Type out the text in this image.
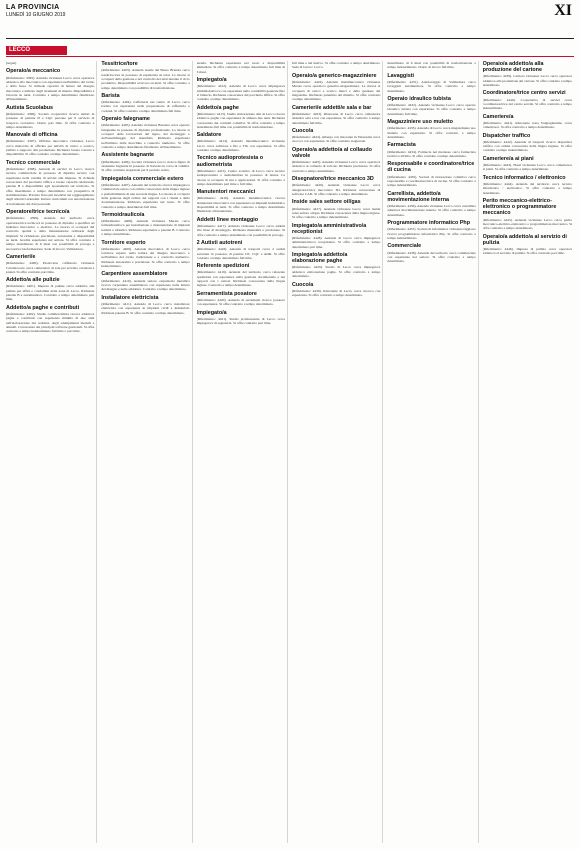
LA PROVINCIA
LUNEDÌ 10 GIUGNO 2019	XI
LECCO

(segue)

Operaio/a meccanico

(Riferimento: 4395). Azienda vicinanze Lecco cerca operaio/a addetto/a alla meccanica con esperienza nell'utilizzo del tornio e della fresa. Si richiede capacità di lettura del disegno meccanico e utilizzo degli strumenti di misura. Disponibilità a lavorare su turni. Contratto a tempo determinato finalizzato all'inserimento.

Autista Scuolabus

(Riferimento: 4396). Società cooperativa ricerca autisti in possesso di patente D e CQC persone per il servizio di trasporto scolastico. Orario part time. Si offre contratto a tempo determinato.

Manovale di officina

(Riferimento: 4397). Officina meccanica vicinanze Lecco cerca manovale di officina per attività di carico e scarico, pulizia e supporto alla produzione. Richiesta buona volontà e disponibilità. Si offre contratto a tempo determinato.

Tecnico commerciale

(Riferimento: 4398). Azienda di servizi in Lecco ricerca tecnico commerciale in possesso di diploma tecnico con esperienza nella vendita di servizi alle imprese. Si richiede conoscenza del pacchetto Office e buone capacità relazionali, patente B e disponibilità agli spostamenti sul territorio. Si offre inserimento a tempo determinato con prospettiva di stabilizzazione. Previsto fisso più incentivi sul raggiungimento degli obiettivi aziendali. Inviare curriculum con autorizzazione al trattamento dei dati personali.

Operatore/trice tecnico/a

(Riferimento: 4399). Azienda del territorio cerca operatore/trice tecnico/a in possesso di diploma o qualifica ad indirizzo meccanico o elettrico. La risorsa si occuperà del controllo qualità e della manutenzione ordinaria degli impianti. Si richiedono precisione, autonomia e disponibilità su turni. Gradita esperienza nel settore. Si offre contratto a tempo determinato di 6 mesi con possibilità di proroga e successiva trasformazione. Sede di lavoro: Valmadrera.

Camerieri/e

(Riferimento: 4400). Pasticceria caffetteria vicinanze Calolziocorte cerca camerieri/e di sala per servizio colazioni e pranzi. Si offre contratto part time.

Addetto/a alle pulizie

(Riferimento: 4401). Impresa di pulizie cerca addetti/e alle pulizie per uffici e condomini della zona di Lecco. Richiesta patente B e automunito/a. Contratto a tempo determinato part time.

Addetto/a paghe e contributi

(Riferimento: 4402). Studio commercialista ricerca addetto/a paghe e contributi con esperienza minima di due anni nell'elaborazione dei cedolini, degli adempimenti mensili e annuali. Conoscenza dei principali software gestionali. Si offre contratto a tempo indeterminato full time o part time.

Tessitrice/tore

(Riferimento: 4403). Azienda tessile del Basso Brianza cerca tessitrice/tore in possesso di esperienza su telai. La risorsa si occuperà della gestione e del controllo dei telai durante il ciclo produttivo. Disponibilità al lavoro su turni. Si offre contratto a tempo determinato con possibilità di trasformazione.

Barista

(Riferimento: 4404). Caffetteria nel centro di Lecco cerca barista con esperienza nella preparazione di caffetteria e cocktail. Si offre contratto a tempo determinato full time.

Operaio falegname

(Riferimento: 4405). Azienda vicinanze Barzanò cerca operaio falegname in possesso di diploma professionale. La risorsa si occuperà delle lavorazioni del legno, del montaggio e dell'assemblaggio dei manufatti. Richiesta esperienza nell'utilizzo delle macchine a controllo numerico. Si offre contratto a tempo determinato finalizzato all'inserimento.

Assistente bagnante

(Riferimento: 4406). Società vicinanze Lecco ricerca figure di assistente bagnante in possesso di brevetto in corso di validità. Si offre contratto stagionale per il periodo estivo.

Impiegato/a commerciale estero

(Riferimento: 4407). Azienda del territorio ricerca impiegato/a commerciale estero con ottima conoscenza della lingua inglese e preferibilmente di una seconda lingua. La risorsa si occuperà della gestione degli ordini, dei rapporti con i clienti e della documentazione. Richiesta esperienza nel ruolo. Si offre contratto a tempo determinato full time.

Termoidraulico/a

(Riferimento: 4408). Azienda vicinanze Merate cerca termoidraulico/a per installazione e manutenzione di impianti termici e idraulici. Richiesta esperienza e patente B. Contratto a tempo determinato.

Tornitore esperto

(Riferimento: 4409). Azienda meccanica di Lecco cerca tornitore esperto nella lettura del disegno meccanico e nell'utilizzo del tornio tradizionale e a controllo numerico. Richiesta autonomia e precisione. Si offre contratto a tempo indeterminato.

Carpentiere assemblatore

(Riferimento: 4410). Azienda settore carpenteria metallica ricerca carpentiere assemblatore con esperienza nella lettura del disegno e nella saldatura. Contratto a tempo determinato.

Installatore elettricista

(Riferimento: 4411). Azienda di Lecco cerca installatore elettricista con esperienza in impianti civili e industriali. Richiesta patente B. Si offre contratto a tempo determinato.

zienda. Richiesta esperienza nel ruolo e disponibilità immediata. Si offre contratto a tempo determinato full time di 6 mesi.

Impiegato/a

(Riferimento: 4412). Azienda di Lecco cerca impiegato/a amministrativo/a con esperienza nella contabilità generale fino al bilancio. Richiesta conoscenza del pacchetto Office. Si offre contratto a tempo determinato.

Addetto/a paghe

(Riferimento: 4413). Studio elaborazione dati di Lecco ricerca addetto/a paghe con esperienza di almeno due anni. Richiesta conoscenza dei contratti collettivi. Si offre contratto a tempo determinato full time con possibilità di trasformazione.

Saldatore

(Riferimento: 4414). Azienda metalmeccanica vicinanze Lecco cerca saldatore a filo e TIG con esperienza. Si offre contratto a tempo determinato.

Tecnico audioprotesista o audiometrista

(Riferimento: 4415). Centro acustico di Lecco cerca tecnico audioprotesista o audiometrista in possesso di laurea. La risorsa si occuperà di test e applicazioni. Si offre contratto a tempo determinato part time o full time.

Manutentori meccanici

(Riferimento: 4416). Azienda metalmeccanica ricerca manutentori meccanici con esperienza su impianti industriali e disponibilità ai turni. Si offre contratto a tempo determinato finalizzato all'assunzione.

Addetti linee montaggio

(Riferimento: 4417). Azienda vicinanze Lecco cerca addetti alle linee di montaggio. Richiesta manualità e precisione. Si offre contratto a tempo determinato con possibilità di proroga.

2 Autisti autotreni

(Riferimento: 4418). Azienda di trasporti cerca 2 autisti autotreni in possesso di patente CE, CQC e ADR. Si offre contratto a tempo determinato full time.

Referente spedizioni

(Riferimento: 4419). Azienda del territorio cerca referente spedizioni con esperienza nella gestione documentale e nei rapporti con i vettori. Richiesta conoscenza della lingua inglese. Contratto a tempo determinato.

Serramentista posatore

(Riferimento: 4420). Azienda di serramenti ricerca posatore con esperienza. Si offre contratto a tempo determinato.

Impiegato/a

(Riferimento: 4421). Studio professionale di Lecco cerca impiegato/a di segreteria. Si offre contratto part time.

full time e nel festivo. Si offre contratto a tempo determinato. Sede di lavoro: Lecco.

Operaio/a generico-magazziniere

(Riferimento: 4422). Azienda metalmeccanica vicinanze Merate cerca operaio/a generico-magazziniere. La risorsa si occuperà di carico e scarico merci e della gestione del magazzino. Richiesto patentino del muletto. Si offre contratto a tempo determinato.

Camerieri/e addetti/e sala e bar

(Riferimento: 4423). Ristorante di Lecco cerca camerieri/e addetti/e sala e bar con esperienza. Si offre contratto a tempo determinato full time.

Cuoco/a

(Riferimento: 4424). Albergo con ristorante in Valsassina cerca cuoco/a con esperienza. Si offre contratto stagionale.

Operaio/a addetto/a al collaudo valvole

(Riferimento: 4425). Azienda vicinanze Lecco cerca operaio/a addetto/a al collaudo di valvole. Richiesta precisione. Si offre contratto a tempo determinato.

Disegnatore/trice meccanico 3D

(Riferimento: 4426). Azienda vicinanze Lecco cerca disegnatore/trice meccanico 3D. Richiesta conoscenza di software CAD. Si offre contratto a tempo determinato.

Inside sales settore oil/gas

(Riferimento: 4427). Azienda vicinanze Lecco cerca inside sales settore oil/gas. Richiesta conoscenza della lingua inglese. Si offre contratto a tempo indeterminato.

Impiegato/a amministrativo/a receptionist

(Riferimento: 4428). Azienda di Lecco cerca impiegato/a amministrativo/a receptionist. Si offre contratto a tempo determinato part time.

Impiegato/a addetto/a elaborazione paghe

(Riferimento: 4429). Studio di Lecco cerca impiegato/a addetto/a elaborazione paghe. Si offre contratto a tempo determinato.

Cuoco/a

(Riferimento: 4430). Ristorante di Lecco cerca cuoco/a con esperienza. Si offre contratto a tempo determinato.

determinato di 6 mesi con possibilità di trasformazione a tempo indeterminato. Orario di lavoro full time.

Lavaggisti

(Riferimento: 4431). Autolavaggio di Valmadrera cerca lavaggisti automunito/a. Si offre contratto a tempo determinato.

Operaio idraulico tubista

(Riferimento: 4432). Azienda vicinanze Lecco cerca operaio idraulico tubista con esperienza. Si offre contratto a tempo determinato full time.

Magazziniere uso muletto

(Riferimento: 4433). Azienda di Lecco cerca magazziniere uso muletto con esperienza. Si offre contratto a tempo determinato.

Farmacista

(Riferimento: 4434). Farmacia nel meratese cerca farmacista iscritto/a all'albo. Si offre contratto a tempo determinato.

Responsabile e coordinatore/trice di cucina

(Riferimento: 4435). Società di ristorazione collettiva cerca responsabile e coordinatore/trice di cucina. Si offre contratto a tempo indeterminato.

Carrellista, addetto/a movimentazione interna

(Riferimento: 4436). Azienda vicinanze Lecco cerca carrellista addetto/a movimentazione interna. Si offre contratto a tempo determinato.

Programmatore informatico Php

(Riferimento: 4437). Società di informatica vicinanze Oggiono ricerca programmatore informatico Php. Si offre contratto a tempo indeterminato.

Commerciale

(Riferimento: 4438). Azienda del territorio cerca commerciale con esperienza nel settore. Si offre contratto a tempo determinato.

Operaio/a addetto/a alla produzione del cartone

(Riferimento: 4439). Cartiera vicinanze Lecco cerca operaio/a addetto/a alla produzione del cartone. Si offre contratto a tempo determinato.

Coordinatore/trice centro servizi

(Riferimento: 4440). Cooperativa di servizi cerca coordinatore/trice del centro servizi. Si offre contratto a tempo indeterminato.

Cameriere/a

(Riferimento: 4441). Ristorante zona Valgreghentino cerca cameriere/a. Si offre contratto a tempo determinato.

Dispatcher traffico

(Riferimento: 4442). Azienda di trasporti ricerca dispatcher traffico con ottima conoscenza della lingua inglese. Si offre contratto a tempo indeterminato.

Cameriere/a ai piani

(Riferimento: 4443). Hotel vicinanze Lecco cerca cameriere/a ai piani. Si offre contratto a tempo determinato.

Tecnico informatico / elettronico

(Riferimento: 4444). Azienda del territorio cerca tecnico informatico / elettronico. Si offre contratto a tempo determinato.

Perito meccanico-elettrico-elettronico o programmatore meccanico

(Riferimento: 4445). Azienda vicinanze Lecco cerca perito meccanico-elettrico-elettronico o programmatore meccanico. Si offre contratto a tempo determinato.

Operaio/a addetto/a al servizio di pulizia

(Riferimento: 4446). Impresa di pulizia cerca operaio/a addetto/a al servizio di pulizia. Si offre contratto part time.
